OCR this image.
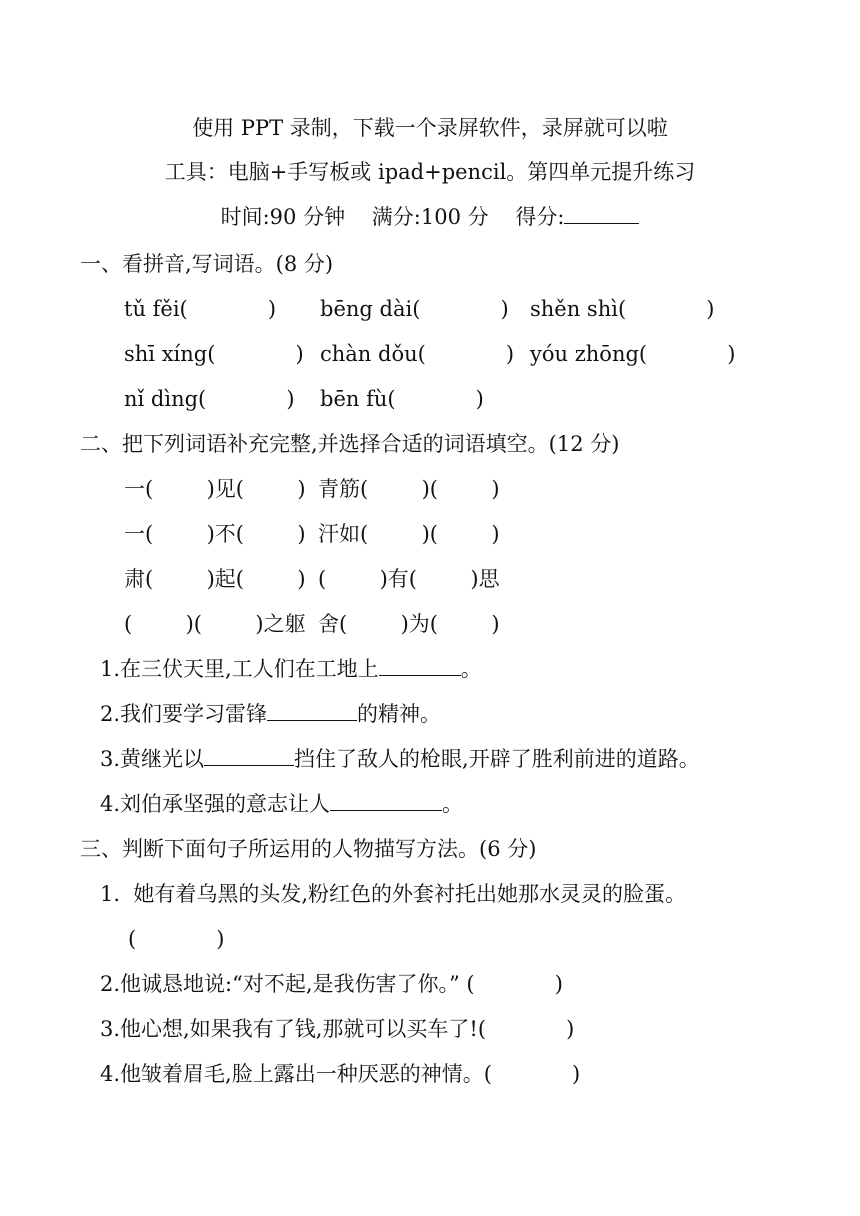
使用 PPT 录制，下载一个录屏软件，录屏就可以啦
工具：电脑+手写板或 ipad+pencil。第四单元提升练习
时间:90 分钟 满分:100 分 得分:
一、看拼音,写词语。(8 分)
tǔ fěi(            ) bēng dài(            ) shěn shì(            )
shī xíng(            ) chàn dǒu(            ) yóu zhōng(            )
nǐ dìng(            ) bēn fù(            )
二、把下列词语补充完整,并选择合适的词语填空。(12 分)
一(        )见(        ) 青筋(        )(        )
一(        )不(        ) 汗如(        )(        )
肃(        )起(        ) (        )有(        )思
(        )(        )之躯 舍(        )为(        )
1.在三伏天里,工人们在工地上	。
2.我们要学习雷锋	的精神。
3.黄继光以	挡住了敌人的枪眼,开辟了胜利前进的道路。
4.刘伯承坚强的意志让人	。
三、判断下面句子所运用的人物描写方法。(6 分)
1.  她有着乌黑的头发,粉红色的外套衬托出她那水灵灵的脸蛋。
(            )
2.他诚恳地说:“对不起,是我伤害了你。” (            )
3.他心想,如果我有了钱,那就可以买车了!(            )
4.他皱着眉毛,脸上露出一种厌恶的神情。(            )
